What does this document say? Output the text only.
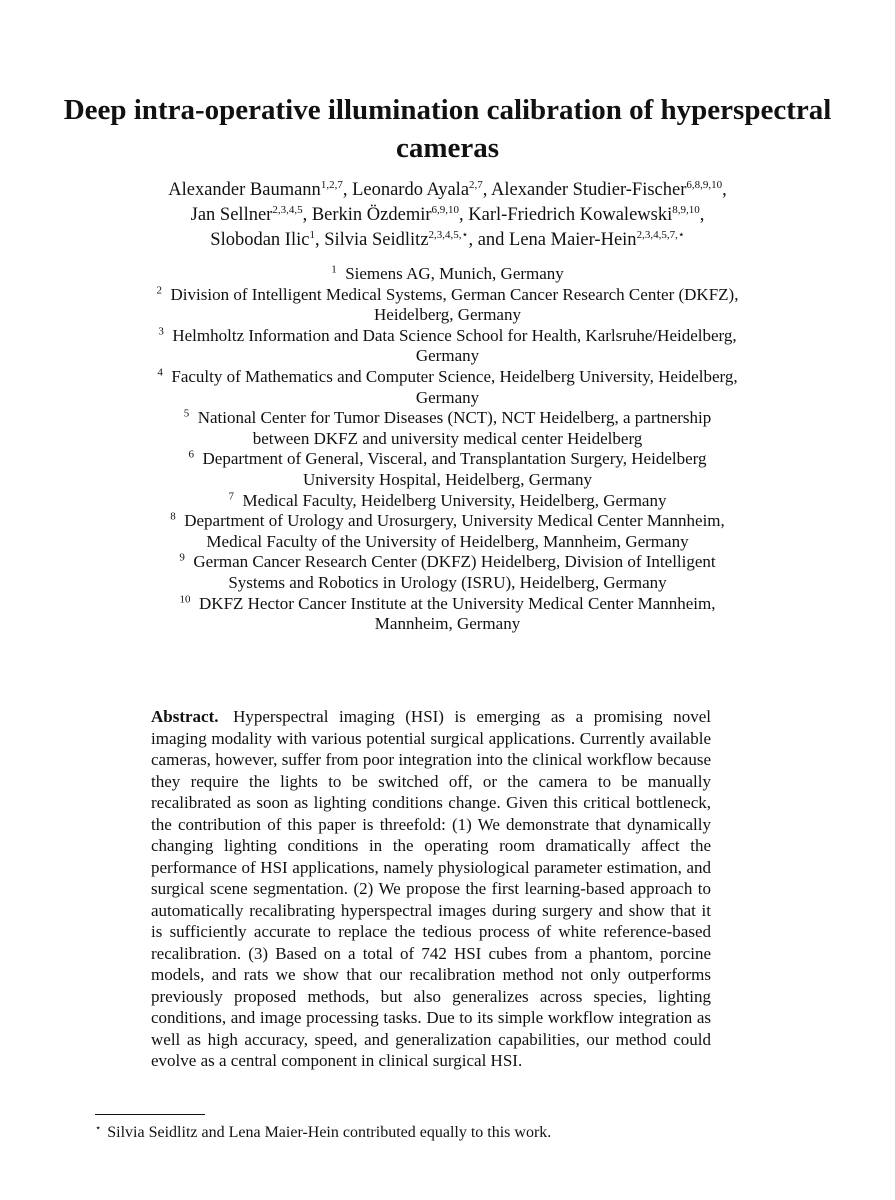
Deep intra-operative illumination calibration of hyperspectral cameras
Alexander Baumann$^{1,2,7}$, Leonardo Ayala$^{2,7}$, Alexander Studier-Fischer$^{6,8,9,10}$,
Jan Sellner$^{2,3,4,5}$, Berkin Özdemir$^{6,9,10}$, Karl-Friedrich Kowalewski$^{8,9,10}$,
Slobodan Ilic$^1$, Silvia Seidlitz$^{2,3,4,5,⋆}$, and Lena Maier-Hein$^{2,3,4,5,7,⋆}$

$^1$ Siemens AG, Munich, Germany

$^2$ Division of Intelligent Medical Systems, German Cancer Research Center (DKFZ),
Heidelberg, Germany

$^3$ Helmholtz Information and Data Science School for Health, Karlsruhe/Heidelberg,
Germany

$^4$ Faculty of Mathematics and Computer Science, Heidelberg University, Heidelberg,
Germany

$^5$ National Center for Tumor Diseases (NCT), NCT Heidelberg, a partnership
between DKFZ and university medical center Heidelberg

$^6$ Department of General, Visceral, and Transplantation Surgery, Heidelberg
University Hospital, Heidelberg, Germany

$^7$ Medical Faculty, Heidelberg University, Heidelberg, Germany

$^8$ Department of Urology and Urosurgery, University Medical Center Mannheim,
Medical Faculty of the University of Heidelberg, Mannheim, Germany

$^9$ German Cancer Research Center (DKFZ) Heidelberg, Division of Intelligent
Systems and Robotics in Urology (ISRU), Heidelberg, Germany

$^{10}$ DKFZ Hector Cancer Institute at the University Medical Center Mannheim,
Mannheim, Germany

Abstract. Hyperspectral imaging (HSI) is emerging as a promising novel imaging modality with various potential surgical applications. Currently available cameras, however, suffer from poor integration into the clinical workflow because they require the lights to be switched off, or the camera to be manually recalibrated as soon as lighting conditions change. Given this critical bottleneck, the contribution of this paper is threefold: (1) We demonstrate that dynamically changing lighting conditions in the operating room dramatically affect the performance of HSI applications, namely physiological parameter estimation, and surgical scene segmentation. (2) We propose the first learning-based approach to automatically recalibrating hyperspectral images during surgery and show that it is sufficiently accurate to replace the tedious process of white reference-based recalibration. (3) Based on a total of 742 HSI cubes from a phantom, porcine models, and rats we show that our recalibration method not only outperforms previously proposed methods, but also generalizes across species, lighting conditions, and image processing tasks. Due to its simple workflow integration as well as high accuracy, speed, and generalization capabilities, our method could evolve as a central component in clinical surgical HSI.
⋆ Silvia Seidlitz and Lena Maier-Hein contributed equally to this work.
